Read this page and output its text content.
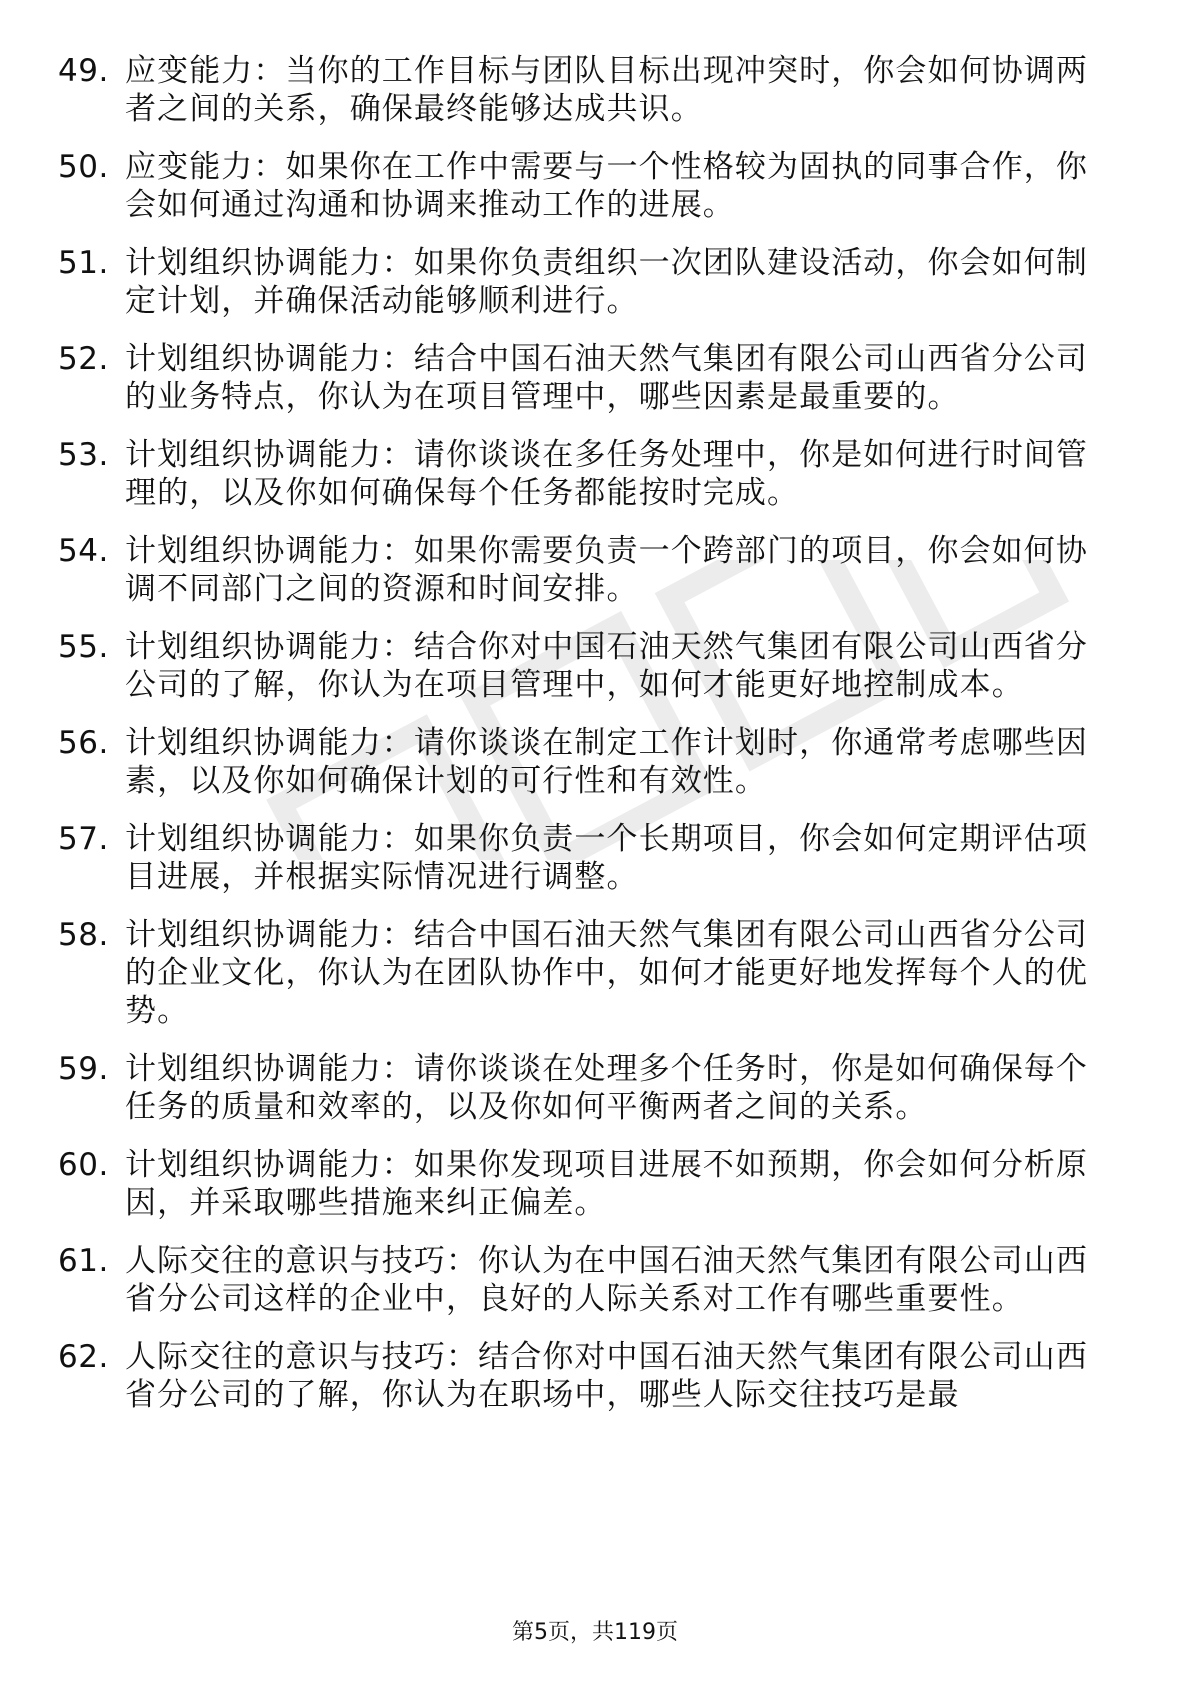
49. 应变能力：当你的工作目标与团队目标出现冲突时，你会如何协调两者之间的关系，确保最终能够达成共识。
50. 应变能力：如果你在工作中需要与一个性格较为固执的同事合作，你会如何通过沟通和协调来推动工作的进展。
51. 计划组织协调能力：如果你负责组织一次团队建设活动，你会如何制定计划，并确保活动能够顺利进行。
52. 计划组织协调能力：结合中国石油天然气集团有限公司山西省分公司的业务特点，你认为在项目管理中，哪些因素是最重要的。
53. 计划组织协调能力：请你谈谈在多任务处理中，你是如何进行时间管理的，以及你如何确保每个任务都能按时完成。
54. 计划组织协调能力：如果你需要负责一个跨部门的项目，你会如何协调不同部门之间的资源和时间安排。
55. 计划组织协调能力：结合你对中国石油天然气集团有限公司山西省分公司的了解，你认为在项目管理中，如何才能更好地控制成本。
56. 计划组织协调能力：请你谈谈在制定工作计划时，你通常考虑哪些因素，以及你如何确保计划的可行性和有效性。
57. 计划组织协调能力：如果你负责一个长期项目，你会如何定期评估项目进展，并根据实际情况进行调整。
58. 计划组织协调能力：结合中国石油天然气集团有限公司山西省分公司的企业文化，你认为在团队协作中，如何才能更好地发挥每个人的优势。
59. 计划组织协调能力：请你谈谈在处理多个任务时，你是如何确保每个任务的质量和效率的，以及你如何平衡两者之间的关系。
60. 计划组织协调能力：如果你发现项目进展不如预期，你会如何分析原因，并采取哪些措施来纠正偏差。
61. 人际交往的意识与技巧：你认为在中国石油天然气集团有限公司山西省分公司这样的企业中，良好的人际关系对工作有哪些重要性。
62. 人际交往的意识与技巧：结合你对中国石油天然气集团有限公司山西省分公司的了解，你认为在职场中，哪些人际交往技巧是最
第5页，共119页
